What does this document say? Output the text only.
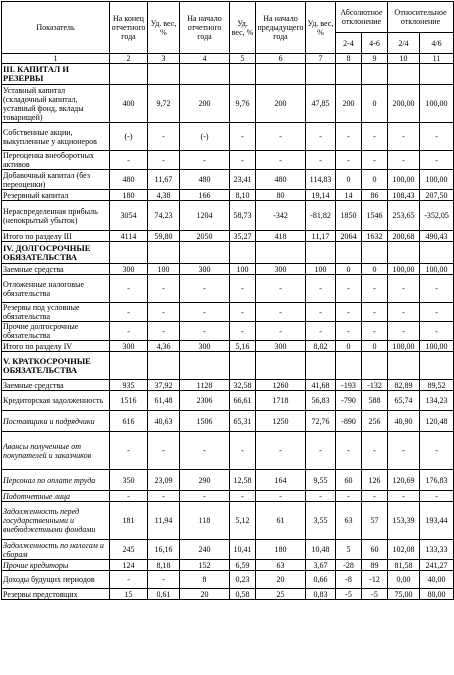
Показатель	На конец отчетного года	Уд. вес, %	На начало отчетного года	Уд. вес, %	На начало предыдущего года	Уд. вес, %	Абсолютное отклонение		Относительное отклонение	
							2-4	4-6	2/4	4/6
1	2	3	4	5	6	7	8	9	10	11
III. КАПИТАЛ И РЕЗЕРВЫ										
Уставный капитал (складочный капитал, уставный фонд, вклады товарищей)	400	9,72	200	9,76	200	47,85	200	0	200,00	100,00
Собственные акции, выкупленные у акционеров	(-)	-	(-)	-	-	-	-	-	-	-
Переоценка внеоборотных активов	-	-	-	-	-	-	-	-	-	-
Добавочный капитал (без переоценки)	480	11,67	480	23,41	480	114,83	0	0	100,00	100,00
Резервный капитал	180	4,38	166	8,10	80	19,14	14	86	108,43	207,50
Нераспределенная прибыль (непокрытый убыток)	3054	74,23	1204	58,73	-342	-81,82	1850	1546	253,65	-352,05
Итого по разделу III	4114	59,80	2050	35,27	418	11,17	2064	1632	200,68	490,43
IV. ДОЛГОСРОЧНЫЕ ОБЯЗАТЕЛЬСТВА										
Заемные средства	300	100	300	100	300	100	0	0	100,00	100,00
Отложенные налоговые обязательства	-	-	-	-	-	-	-	-	-	-
Резервы под условные обязательства	-	-	-	-	-	-	-	-	-	-
Прочие долгосрочные обязательства	-	-	-	-	-	-	-	-	-	-
Итого по разделу IV	300	4,36	300	5,16	300	8,02	0	0	100,00	100,00
V. КРАТКОСРОЧНЫЕ ОБЯЗАТЕЛЬСТВА										
Заемные средства	935	37,92	1128	32,58	1260	41,68	-193	-132	82,89	89,52
Кредиторская задолженность	1516	61,48	2306	66,61	1718	56,83	-790	588	65,74	134,23
Поставщики и подрядчики	616	40,63	1506	65,31	1250	72,76	-890	256	40,90	120,48
Авансы полученные от покупателей и заказчиков	-	-	-	-	-	-	-	-	-	-
Персонал по оплате труда	350	23,09	290	12,58	164	9,55	60	126	120,69	176,83
Подотчетные лица	-	-	-	-	-	-	-	-	-	-
Задолженность перед государственными и внебюджетными фондами	181	11,94	118	5,12	61	3,55	63	57	153,39	193,44
Задолженность по налогам и сборам	245	16,16	240	10,41	180	10,48	5	60	102,08	133,33
Прочие кредиторы	124	8,18	152	6,59	63	3,67	-28	89	81,58	241,27
Доходы будущих периодов	-	-	8	0,23	20	0,66	-8	-12	0,00	40,00
Резервы предстоящих	15	0,61	20	0,58	25	0,83	-5	-5	75,00	80,00
